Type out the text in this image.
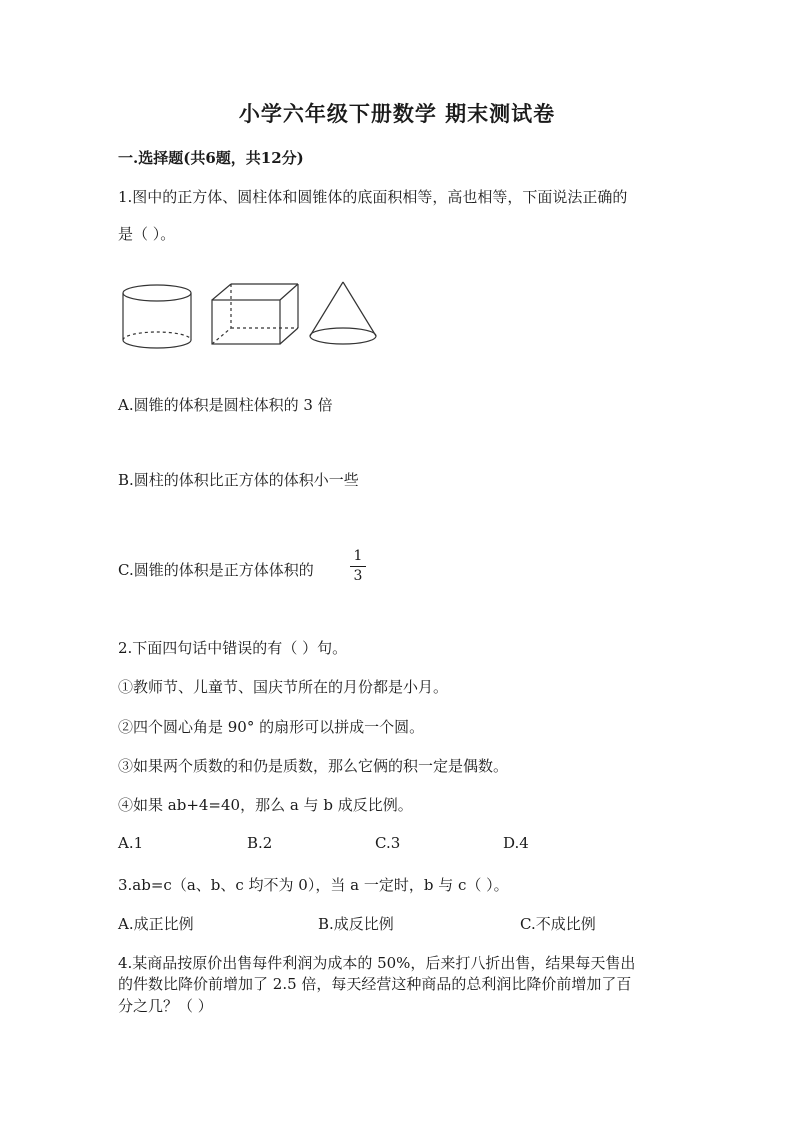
小学六年级下册数学 期末测试卷
一.选择题(共6题，共12分)
1.图中的正方体、圆柱体和圆锥体的底面积相等，高也相等，下面说法正确的
是（ ）。
A.圆锥的体积是圆柱体积的 3 倍
B.圆柱的体积比正方体的体积小一些
C.圆锥的体积是正方体体积的
1
3
2.下面四句话中错误的有（ ）句。
①教师节、儿童节、国庆节所在的月份都是小月。
②四个圆心角是 90° 的扇形可以拼成一个圆。
③如果两个质数的和仍是质数，那么它俩的积一定是偶数。
④如果 ab+4=40，那么 a 与 b 成反比例。
A.1	B.2	C.3	D.4
3.ab=c（a、b、c 均不为 0），当 a 一定时，b 与 c（ ）。
A.成正比例	B.成反比例	C.不成比例
4.某商品按原价出售每件利润为成本的 50%，后来打八折出售，结果每天售出
的件数比降价前增加了 2.5 倍，每天经营这种商品的总利润比降价前增加了百
分之几？（ ）
